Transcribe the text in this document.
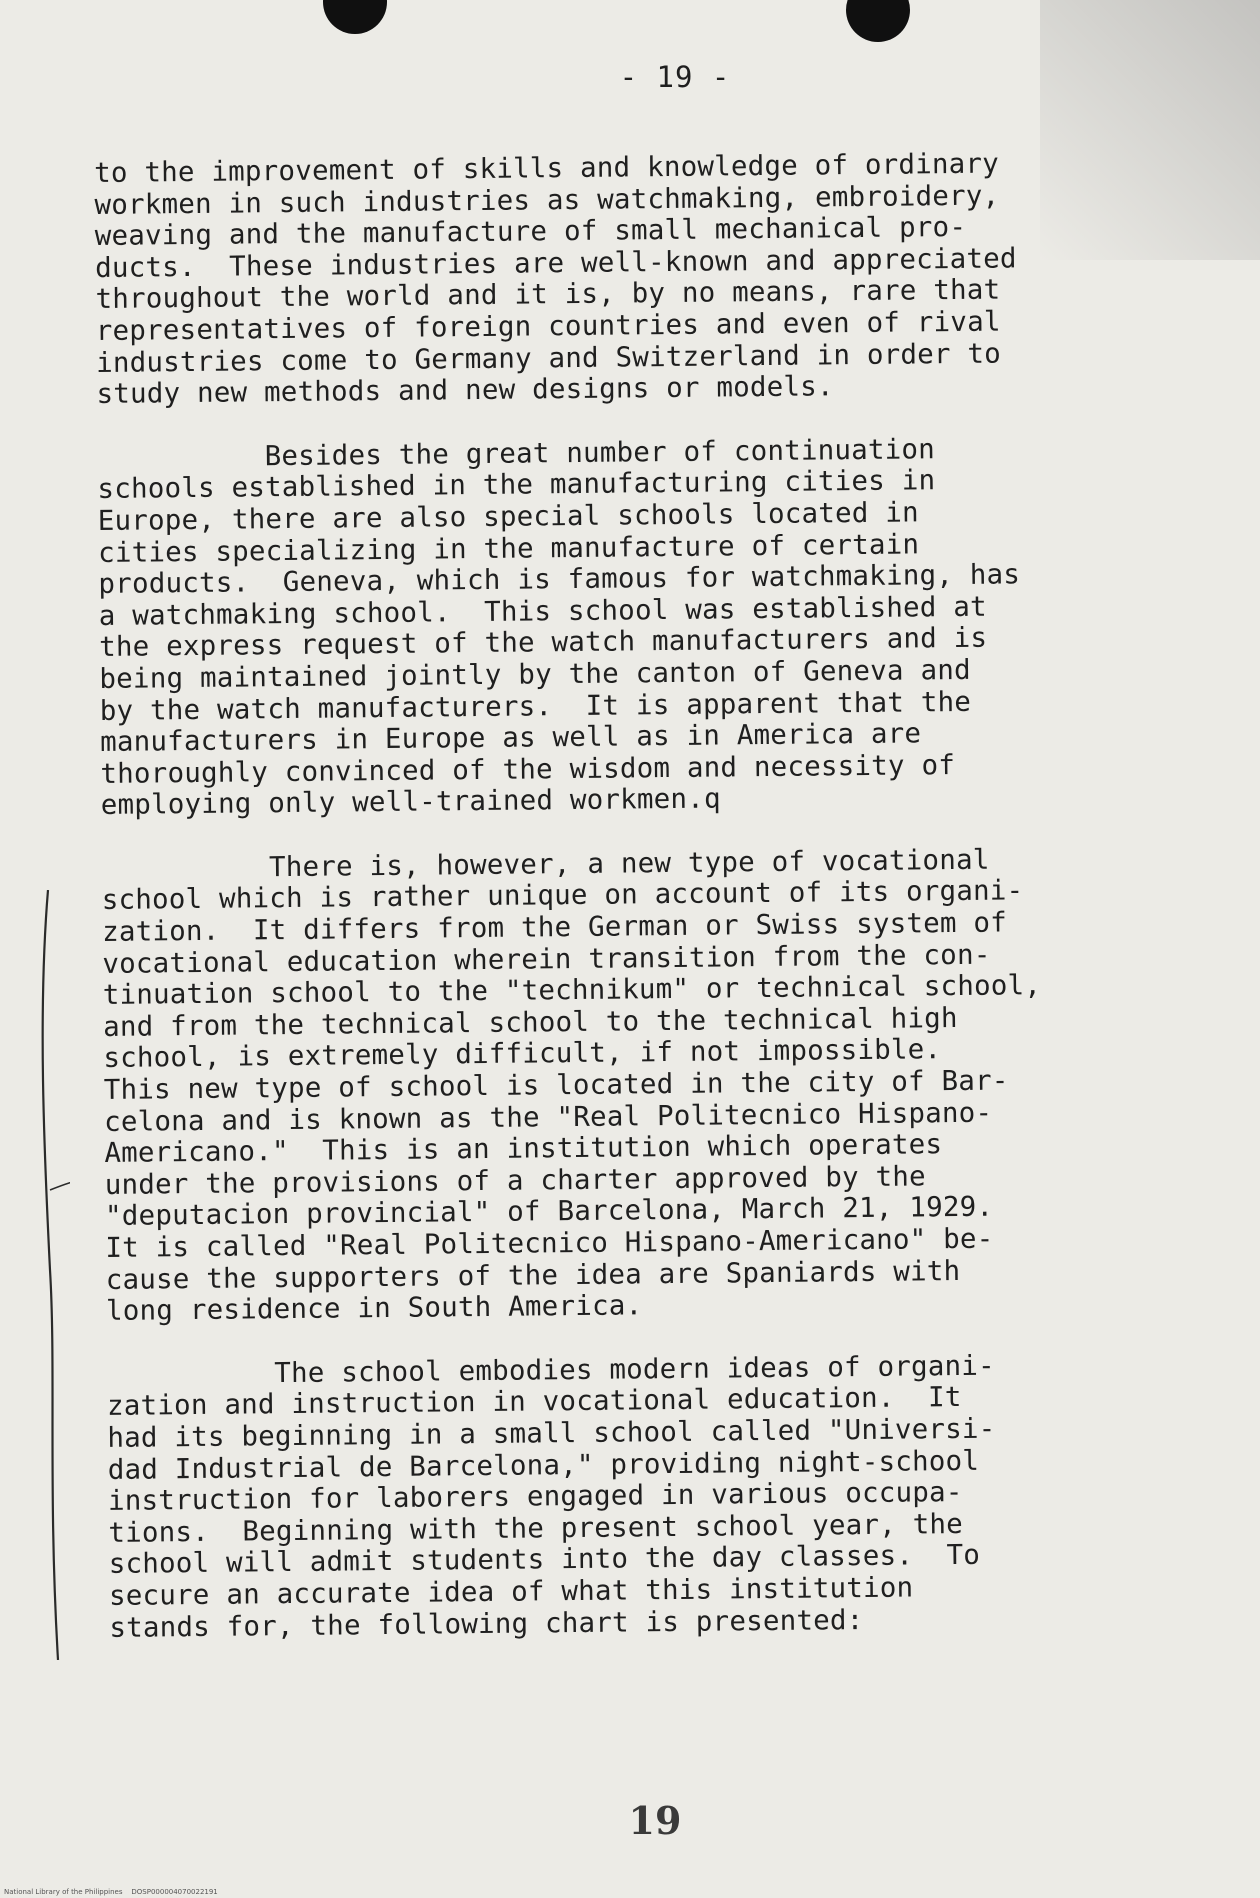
- 19 -
to the improvement of skills and knowledge of ordinary
workmen in such industries as watchmaking, embroidery,
weaving and the manufacture of small mechanical pro-
ducts.  These industries are well-known and appreciated
throughout the world and it is, by no means, rare that
representatives of foreign countries and even of rival
industries come to Germany and Switzerland in order to
study new methods and new designs or models.
Besides the great number of continuation
schools established in the manufacturing cities in
Europe, there are also special schools located in
cities specializing in the manufacture of certain
products.  Geneva, which is famous for watchmaking, has
a watchmaking school.  This school was established at
the express request of the watch manufacturers and is
being maintained jointly by the canton of Geneva and
by the watch manufacturers.  It is apparent that the
manufacturers in Europe as well as in America are
thoroughly convinced of the wisdom and necessity of
employing only well-trained workmen.q
There is, however, a new type of vocational
school which is rather unique on account of its organi-
zation.  It differs from the German or Swiss system of
vocational education wherein transition from the con-
tinuation school to the "technikum" or technical school,
and from the technical school to the technical high
school, is extremely difficult, if not impossible.
This new type of school is located in the city of Bar-
celona and is known as the "Real Politecnico Hispano-
Americano."  This is an institution which operates
under the provisions of a charter approved by the
"deputacion provincial" of Barcelona, March 21, 1929.
It is called "Real Politecnico Hispano-Americano" be-
cause the supporters of the idea are Spaniards with
long residence in South America.
The school embodies modern ideas of organi-
zation and instruction in vocational education.  It
had its beginning in a small school called "Universi-
dad Industrial de Barcelona," providing night-school
instruction for laborers engaged in various occupa-
tions.  Beginning with the present school year, the
school will admit students into the day classes.  To
secure an accurate idea of what this institution
stands for, the following chart is presented:
19
National Library of the Philippines    DOSP000004070022191
